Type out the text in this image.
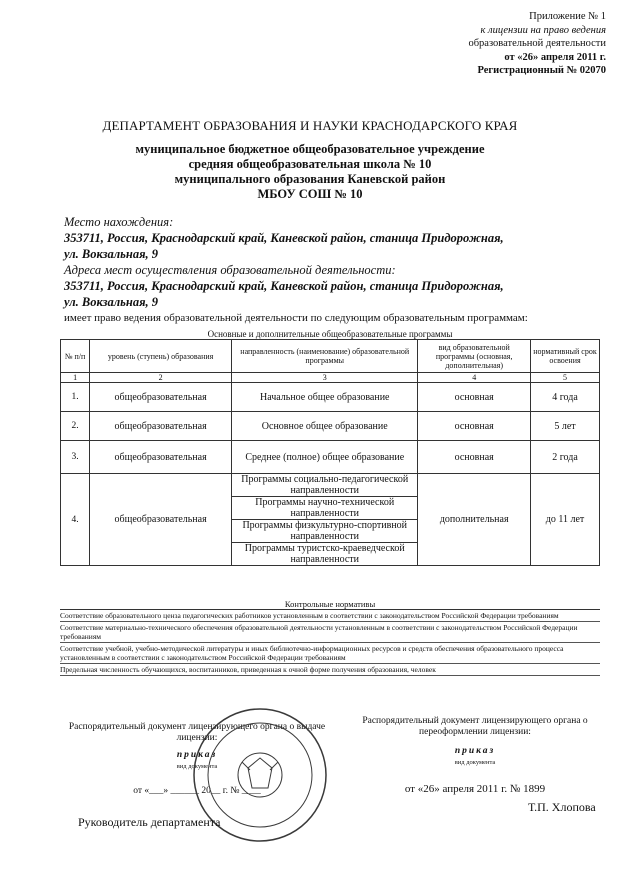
Приложение № 1
к лицензии на право ведения
образовательной деятельности
от «26» апреля 2011 г.
Регистрационный № 02070
ДЕПАРТАМЕНТ ОБРАЗОВАНИЯ И НАУКИ КРАСНОДАРСКОГО КРАЯ
муниципальное бюджетное общеобразовательное учреждение
средняя общеобразовательная школа № 10
муниципального образования Каневской район
МБОУ СОШ № 10
Место нахождения:
353711, Россия, Краснодарский край, Каневской район, станица Придорожная,
ул. Вокзальная, 9
Адреса мест осуществления образовательной деятельности:
353711, Россия, Краснодарский край, Каневской район, станица Придорожная,
ул. Вокзальная, 9
имеет право ведения образовательной деятельности по следующим образовательным программам:
Основные и дополнительные общеобразовательные программы				
№ п/п	уровень (ступень) образования	направленность (наименование) образовательной программы	вид образовательной программы (основная, дополнительная)	нормативный срок освоения
1	2	3	4	5
1.	общеобразовательная	Начальное общее образование	основная	4 года
2.	общеобразовательная	Основное общее образование	основная	5 лет
3.	общеобразовательная	Среднее (полное) общее образование	основная	2 года
4.	общеобразовательная	Программы социально-педагогической направленности	дополнительная	до 11 лет
		Программы научно-технической направленности		
		Программы физкультурно-спортивной направленности		
		Программы туристско-краеведческой направленности		
Контрольные нормативы
Соответствие образовательного ценза педагогических работников установленным в соответствии с законодательством Российской Федерации требованиям
Соответствие материально-технического обеспечения образовательной деятельности установленным в соответствии с законодательством Российской Федерации требованиям
Соответствие учебной, учебно-методической литературы и иных библиотечно-информационных ресурсов и средств обеспечения образовательного процесса установленным в соответствии с законодательством Российской Федерации требованиям
Предельная численность обучающихся, воспитанников, приведенная к очной форме получения образования, человек
Распорядительный документ лицензирующего органа о выдаче лицензии:
приказ
вид документа
от «___» ______ 20__ г. № ____
Распорядительный документ лицензирующего органа о переоформлении лицензии:
приказ
вид документа
от «26» апреля 2011 г. № 1899
Руководитель департамента
Т.П. Хлопова
